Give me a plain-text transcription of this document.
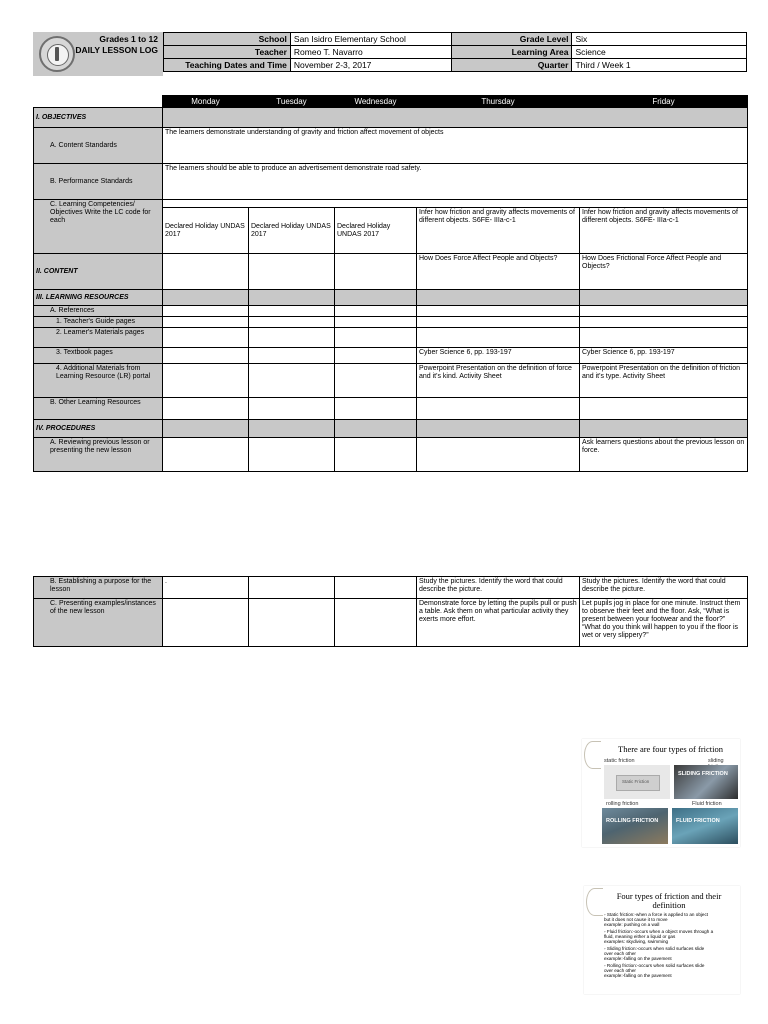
Grades 1 to 12
DAILY LESSON LOG
School	San Isidro Elementary School	Grade Level	Six
Teacher	Romeo T. Navarro	Learning Area	Science
Teaching Dates and Time	November 2-3, 2017	Quarter	Third / Week 1
	Monday	Tuesday	Wednesday	Thursday	Friday
I. OBJECTIVES					
A. Content Standards	The learners demonstrate understanding of gravity and friction affect movement of objects				
B. Performance Standards	The learners should be able to produce an advertisement demonstrate road safety.				
C. Learning Competencies/ Objectives Write the LC code for each					
	Declared Holiday UNDAS 2017	Declared Holiday UNDAS 2017	Declared Holiday UNDAS 2017	Infer how friction and gravity affects movements of different objects. S6FE- IIIa-c-1	Infer how friction and gravity affects movements of different objects. S6FE- IIIa-c-1
II. CONTENT				How Does Force Affect People and Objects?	How Does Frictional Force Affect People and Objects?
III. LEARNING RESOURCES					
A. References					
1. Teacher's Guide pages					
2. Learner's Materials pages					
3. Textbook pages				Cyber Science 6, pp. 193-197	Cyber Science 6, pp. 193-197
4. Additional Materials from Learning Resource (LR) portal				Powerpoint Presentation on the definition of force and it's kind. Activity Sheet	Powerpoint Presentation on the definition of friction and it's type. Activity Sheet
B. Other Learning Resources					
IV. PROCEDURES					
A. Reviewing previous lesson or presenting the new lesson					Ask learners questions about the previous lesson on force.
B. Establishing a purpose for the lesson	.			Study the pictures. Identify the word that could describe the picture.	Study the pictures. Identify the word that could describe the picture.
C. Presenting examples/instances of the new lesson				Demonstrate force by letting the pupils pull or push a table. Ask them on what particular activity they exerts more effort.	Let pupils jog in place for one minute. Instruct them to observe their feet and the floor. Ask, “What is present between your footwear and the floor?” “What do you think will happen to you if the floor is wet or very slippery?”
There are four types of friction
static friction	sliding
Static Friction
SLIDING FRICTION
rolling friction	Fluid friction
ROLLING FRICTION	FLUID FRICTION
Four types of friction and their definition
◦ Static friction:-when a force is applied to an object
but it does not cause it to move
example: pushing on a wall
◦ Fluid friction:-occurs when a object moves through a
fluid, meaning either a liquid or gas
examples: skydiving, swimming
◦ Sliding friction:-occurs when solid surfaces slide
over each other
example:-falling on the pavement
◦ Rolling friction:-occurs when solid surfaces slide
over each other
example:-falling on the pavement
